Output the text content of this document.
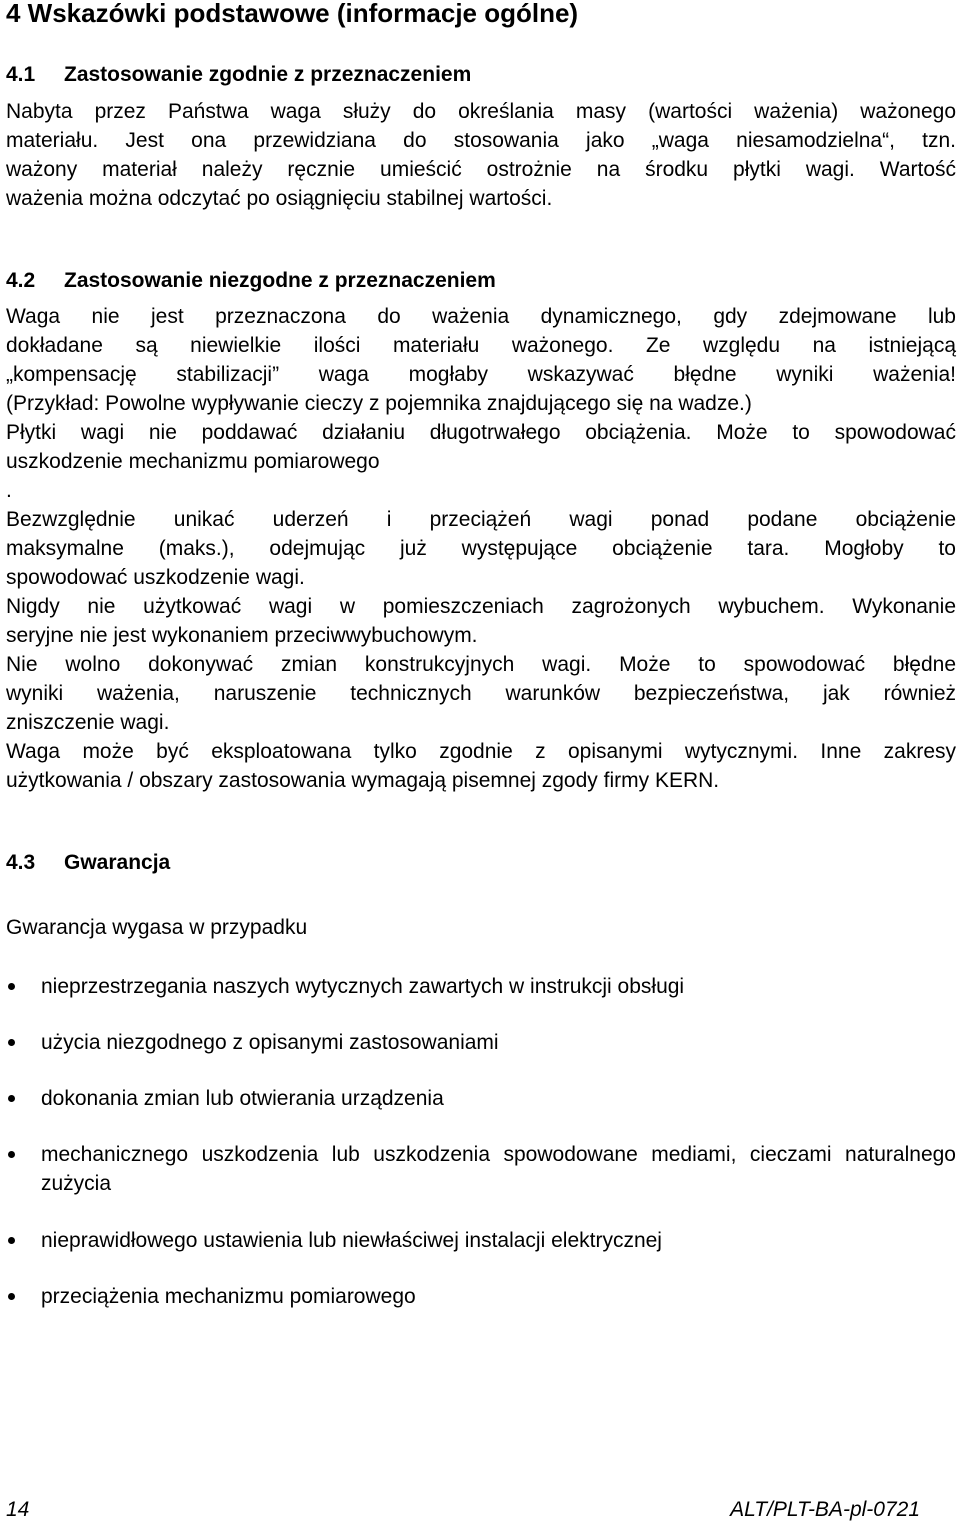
4 Wskazówki podstawowe (informacje ogólne)
4.1 Zastosowanie zgodnie z przeznaczeniem
Nabyta przez Państwa waga służy do określania masy (wartości ważenia) ważonego
materiału. Jest ona przewidziana do stosowania jako „waga niesamodzielna“, tzn.
ważony materiał należy ręcznie umieścić ostrożnie na środku płytki wagi. Wartość
ważenia można odczytać po osiągnięciu stabilnej wartości.
4.2 Zastosowanie niezgodne z przeznaczeniem
Waga nie jest przeznaczona do ważenia dynamicznego, gdy zdejmowane lub
dokładane są niewielkie ilości materiału ważonego. Ze względu na istniejącą
„kompensację stabilizacji” waga mogłaby wskazywać błędne wyniki ważenia!
(Przykład: Powolne wypływanie cieczy z pojemnika znajdującego się na wadze.)
Płytki wagi nie poddawać działaniu długotrwałego obciążenia. Może to spowodować
uszkodzenie mechanizmu pomiarowego
.
Bezwzględnie unikać uderzeń i przeciążeń wagi ponad podane obciążenie
maksymalne (maks.), odejmując już występujące obciążenie tara. Mogłoby to
spowodować uszkodzenie wagi.
Nigdy nie użytkować wagi w pomieszczeniach zagrożonych wybuchem. Wykonanie
seryjne nie jest wykonaniem przeciwwybuchowym.
Nie wolno dokonywać zmian konstrukcyjnych wagi. Może to spowodować błędne
wyniki ważenia, naruszenie technicznych warunków bezpieczeństwa, jak również
zniszczenie wagi.
Waga może być eksploatowana tylko zgodnie z opisanymi wytycznymi. Inne zakresy
użytkowania / obszary zastosowania wymagają pisemnej zgody firmy KERN.
4.3 Gwarancja
Gwarancja wygasa w przypadku
nieprzestrzegania naszych wytycznych zawartych w instrukcji obsługi
użycia niezgodnego z opisanymi zastosowaniami
dokonania zmian lub otwierania urządzenia
mechanicznego uszkodzenia lub uszkodzenia spowodowane mediami, cieczami naturalnego zużycia
nieprawidłowego ustawienia lub niewłaściwej instalacji elektrycznej
przeciążenia mechanizmu pomiarowego
14	ALT/PLT-BA-pl-0721
